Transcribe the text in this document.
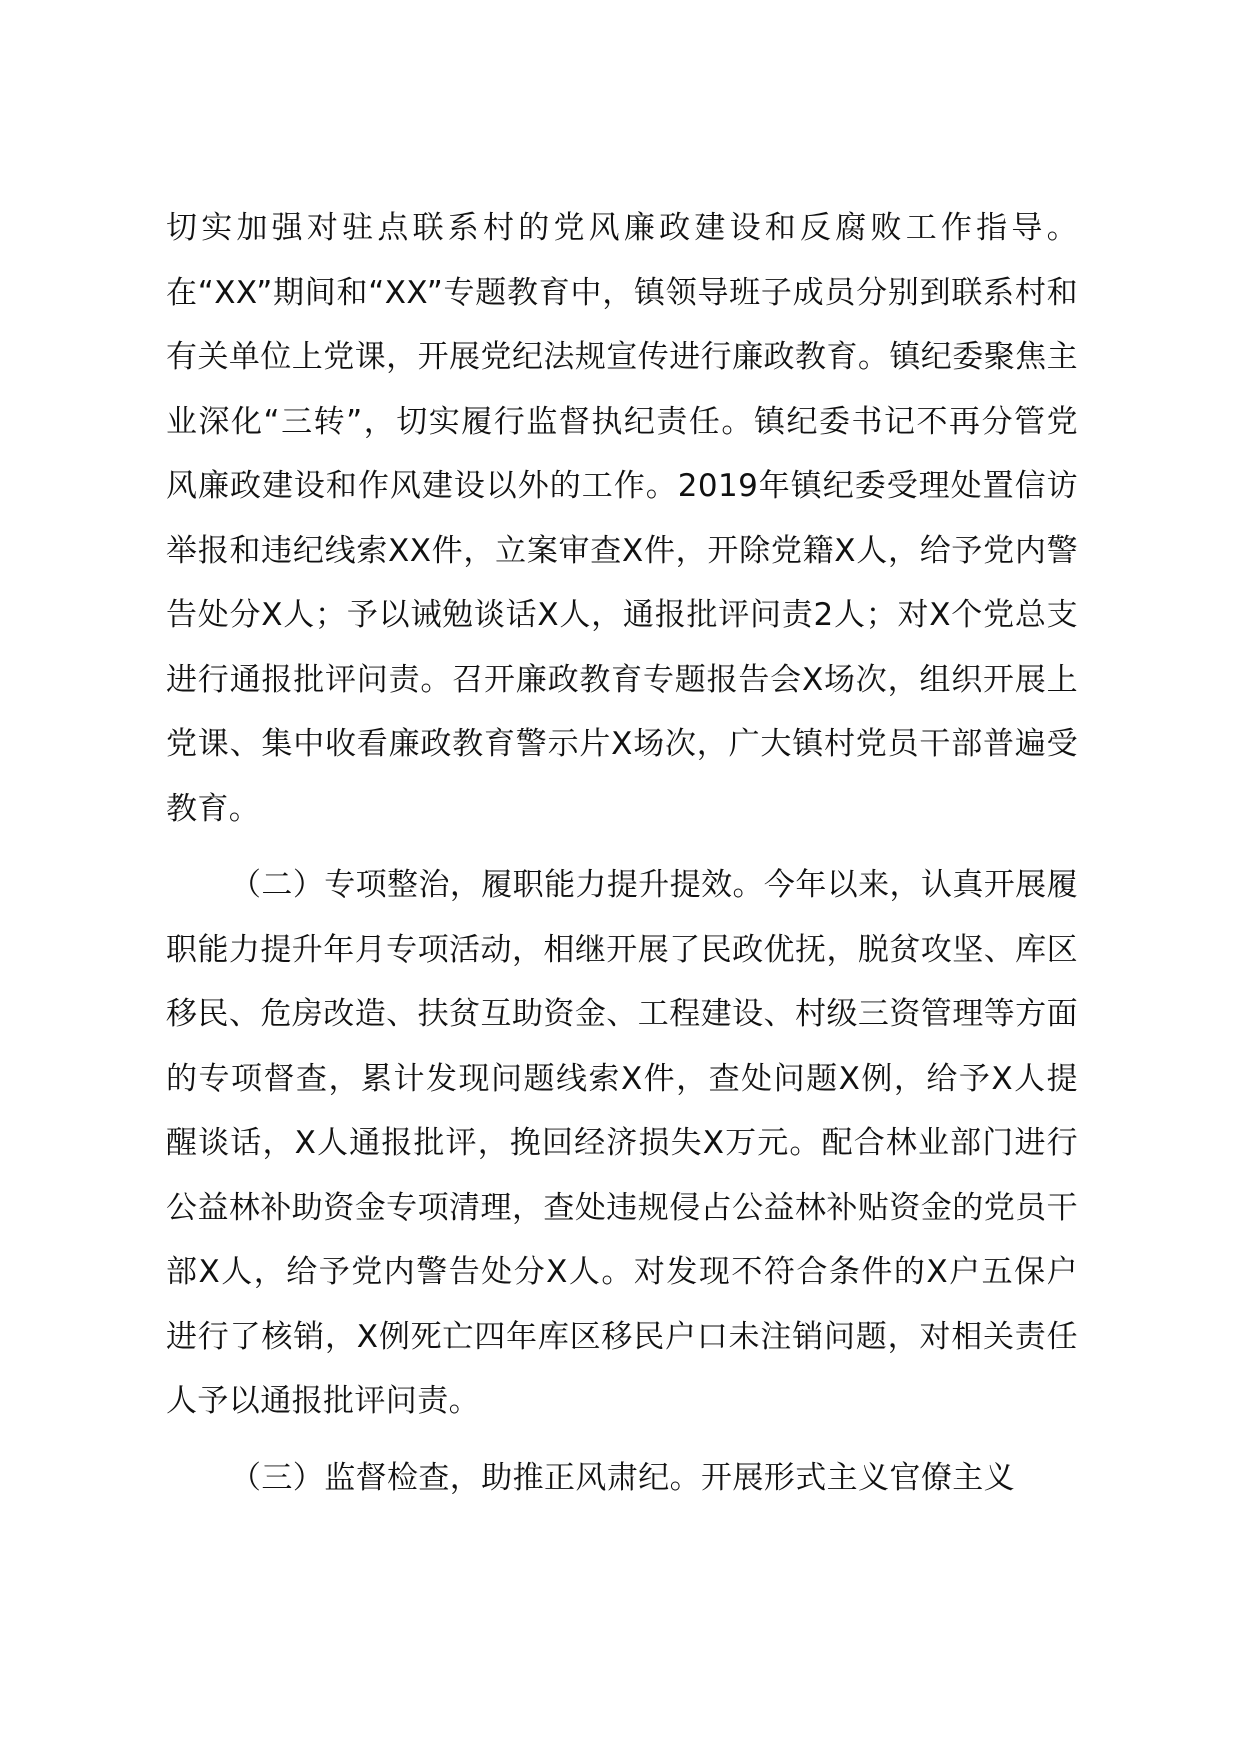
切实加强对驻点联系村的党风廉政建设和反腐败工作指导。在“XX”期间和“XX”专题教育中，镇领导班子成员分别到联系村和有关单位上党课，开展党纪法规宣传进行廉政教育。镇纪委聚焦主业深化“三转”，切实履行监督执纪责任。镇纪委书记不再分管党风廉政建设和作风建设以外的工作。2019年镇纪委受理处置信访举报和违纪线索XX件，立案审查X件，开除党籍X人，给予党内警告处分X人；予以诫勉谈话X人，通报批评问责2人；对X个党总支进行通报批评问责。召开廉政教育专题报告会X场次，组织开展上党课、集中收看廉政教育警示片X场次，广大镇村党员干部普遍受教育。

（二）专项整治，履职能力提升提效。今年以来，认真开展履职能力提升年月专项活动，相继开展了民政优抚，脱贫攻坚、库区移民、危房改造、扶贫互助资金、工程建设、村级三资管理等方面的专项督查，累计发现问题线索X件，查处问题X例，给予X人提醒谈话，X人通报批评，挽回经济损失X万元。配合林业部门进行公益林补助资金专项清理，查处违规侵占公益林补贴资金的党员干部X人，给予党内警告处分X人。对发现不符合条件的X户五保户进行了核销，X例死亡四年库区移民户口未注销问题，对相关责任人予以通报批评问责。

（三）监督检查，助推正风肃纪。开展形式主义官僚主义
